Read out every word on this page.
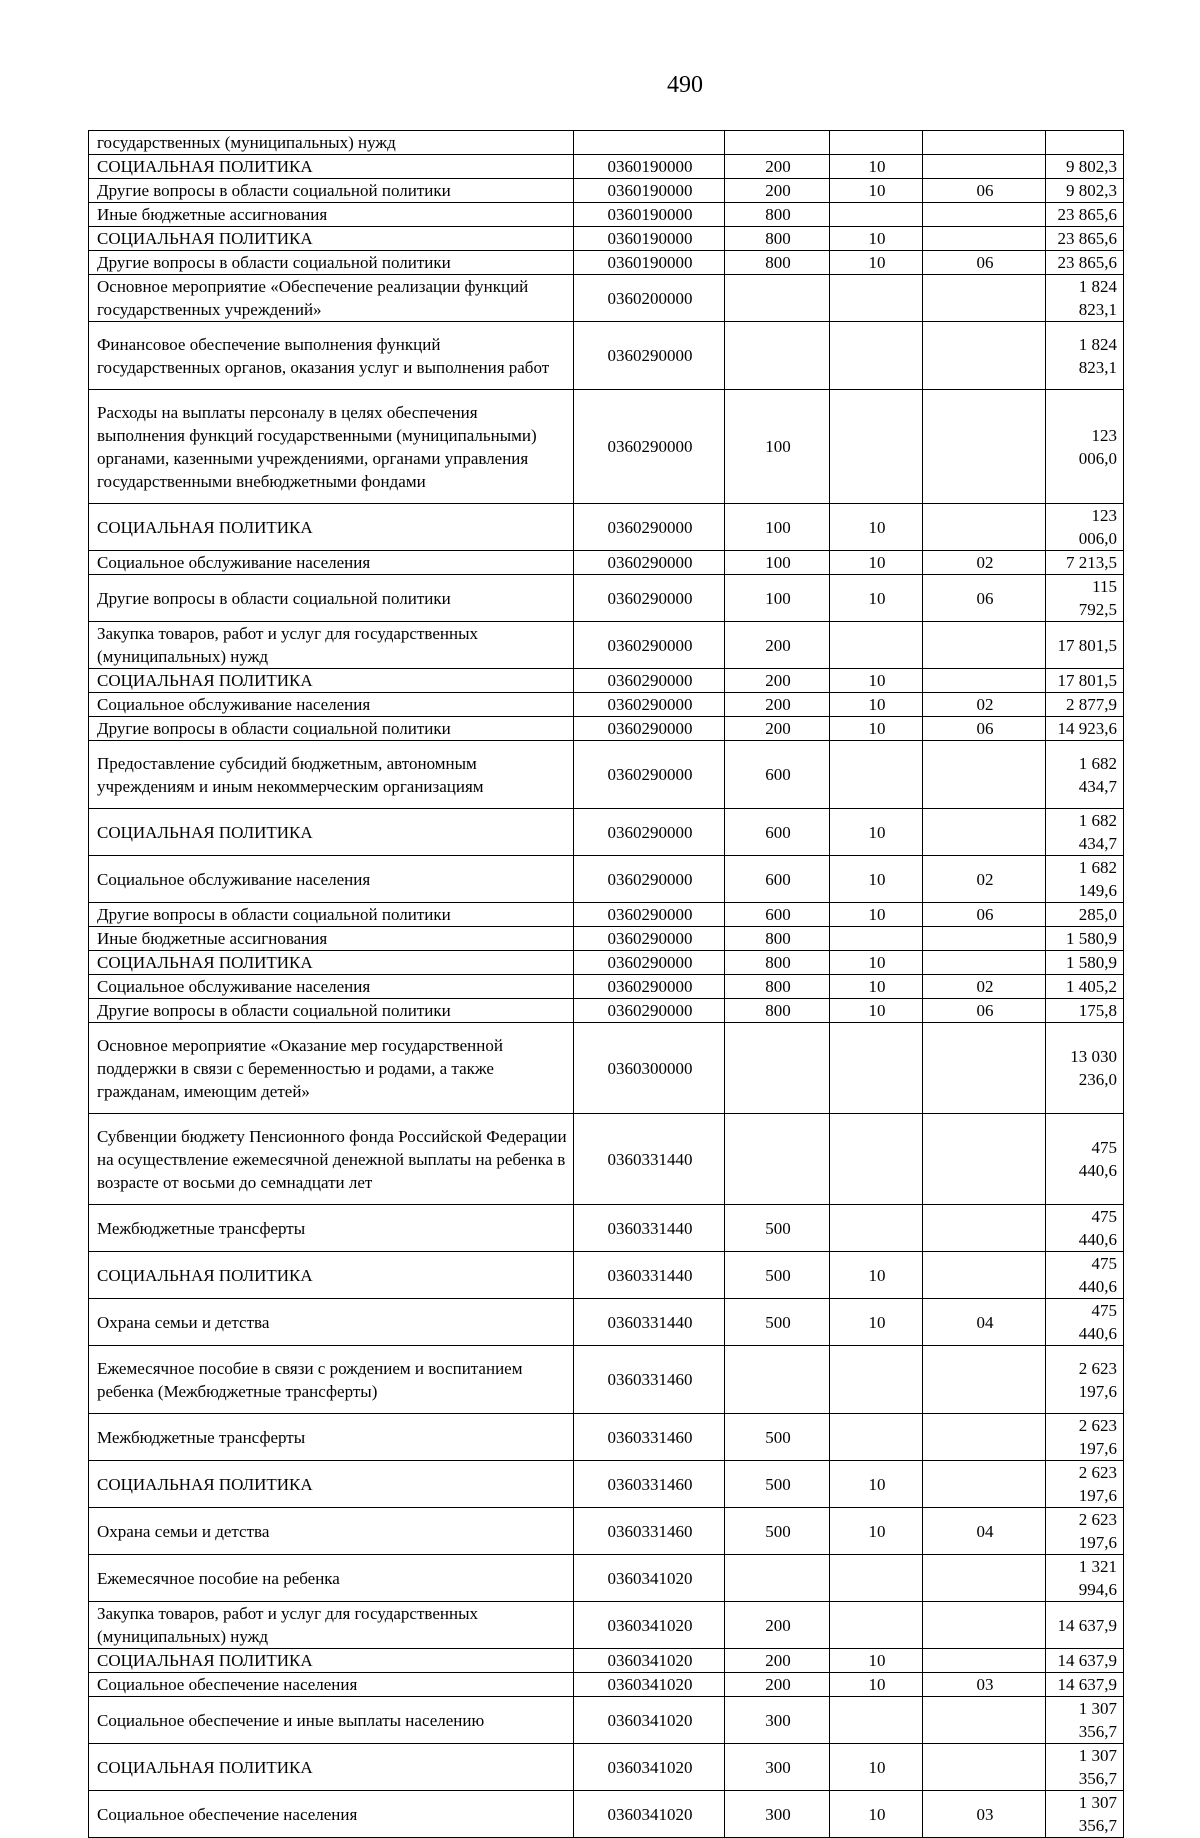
490
государственных (муниципальных) нужд					
СОЦИАЛЬНАЯ ПОЛИТИКА	0360190000	200	10		9 802,3
Другие вопросы в области социальной политики	0360190000	200	10	06	9 802,3
Иные бюджетные ассигнования	0360190000	800			23 865,6
СОЦИАЛЬНАЯ ПОЛИТИКА	0360190000	800	10		23 865,6
Другие вопросы в области социальной политики	0360190000	800	10	06	23 865,6
Основное мероприятие «Обеспечение реализации функций государственных учреждений»	0360200000				1 824 823,1
Финансовое обеспечение выполнения функций государственных органов, оказания услуг и выполнения работ	0360290000				1 824 823,1
Расходы на выплаты персоналу в целях обеспечения выполнения функций государственными (муниципальными) органами, казенными учреждениями, органами управления государственными внебюджетными фондами	0360290000	100			123 006,0
СОЦИАЛЬНАЯ ПОЛИТИКА	0360290000	100	10		123 006,0
Социальное обслуживание населения	0360290000	100	10	02	7 213,5
Другие вопросы в области социальной политики	0360290000	100	10	06	115 792,5
Закупка товаров, работ и услуг для государственных (муниципальных) нужд	0360290000	200			17 801,5
СОЦИАЛЬНАЯ ПОЛИТИКА	0360290000	200	10		17 801,5
Социальное обслуживание населения	0360290000	200	10	02	2 877,9
Другие вопросы в области социальной политики	0360290000	200	10	06	14 923,6
Предоставление субсидий бюджетным, автономным учреждениям и иным некоммерческим организациям	0360290000	600			1 682 434,7
СОЦИАЛЬНАЯ ПОЛИТИКА	0360290000	600	10		1 682 434,7
Социальное обслуживание населения	0360290000	600	10	02	1 682 149,6
Другие вопросы в области социальной политики	0360290000	600	10	06	285,0
Иные бюджетные ассигнования	0360290000	800			1 580,9
СОЦИАЛЬНАЯ ПОЛИТИКА	0360290000	800	10		1 580,9
Социальное обслуживание населения	0360290000	800	10	02	1 405,2
Другие вопросы в области социальной политики	0360290000	800	10	06	175,8
Основное мероприятие «Оказание мер государственной поддержки в связи с беременностью и родами, а также гражданам, имеющим детей»	0360300000				13 030 236,0
Субвенции бюджету Пенсионного фонда Российской Федерации на осуществление ежемесячной денежной выплаты на ребенка в возрасте от восьми до семнадцати лет	0360331440				475 440,6
Межбюджетные трансферты	0360331440	500			475 440,6
СОЦИАЛЬНАЯ ПОЛИТИКА	0360331440	500	10		475 440,6
Охрана семьи и детства	0360331440	500	10	04	475 440,6
Ежемесячное пособие в связи с рождением и воспитанием ребенка (Межбюджетные трансферты)	0360331460				2 623 197,6
Межбюджетные трансферты	0360331460	500			2 623 197,6
СОЦИАЛЬНАЯ ПОЛИТИКА	0360331460	500	10		2 623 197,6
Охрана семьи и детства	0360331460	500	10	04	2 623 197,6
Ежемесячное пособие на ребенка	0360341020				1 321 994,6
Закупка товаров, работ и услуг для государственных (муниципальных) нужд	0360341020	200			14 637,9
СОЦИАЛЬНАЯ ПОЛИТИКА	0360341020	200	10		14 637,9
Социальное обеспечение населения	0360341020	200	10	03	14 637,9
Социальное обеспечение и иные выплаты населению	0360341020	300			1 307 356,7
СОЦИАЛЬНАЯ ПОЛИТИКА	0360341020	300	10		1 307 356,7
Социальное обеспечение населения	0360341020	300	10	03	1 307 356,7
